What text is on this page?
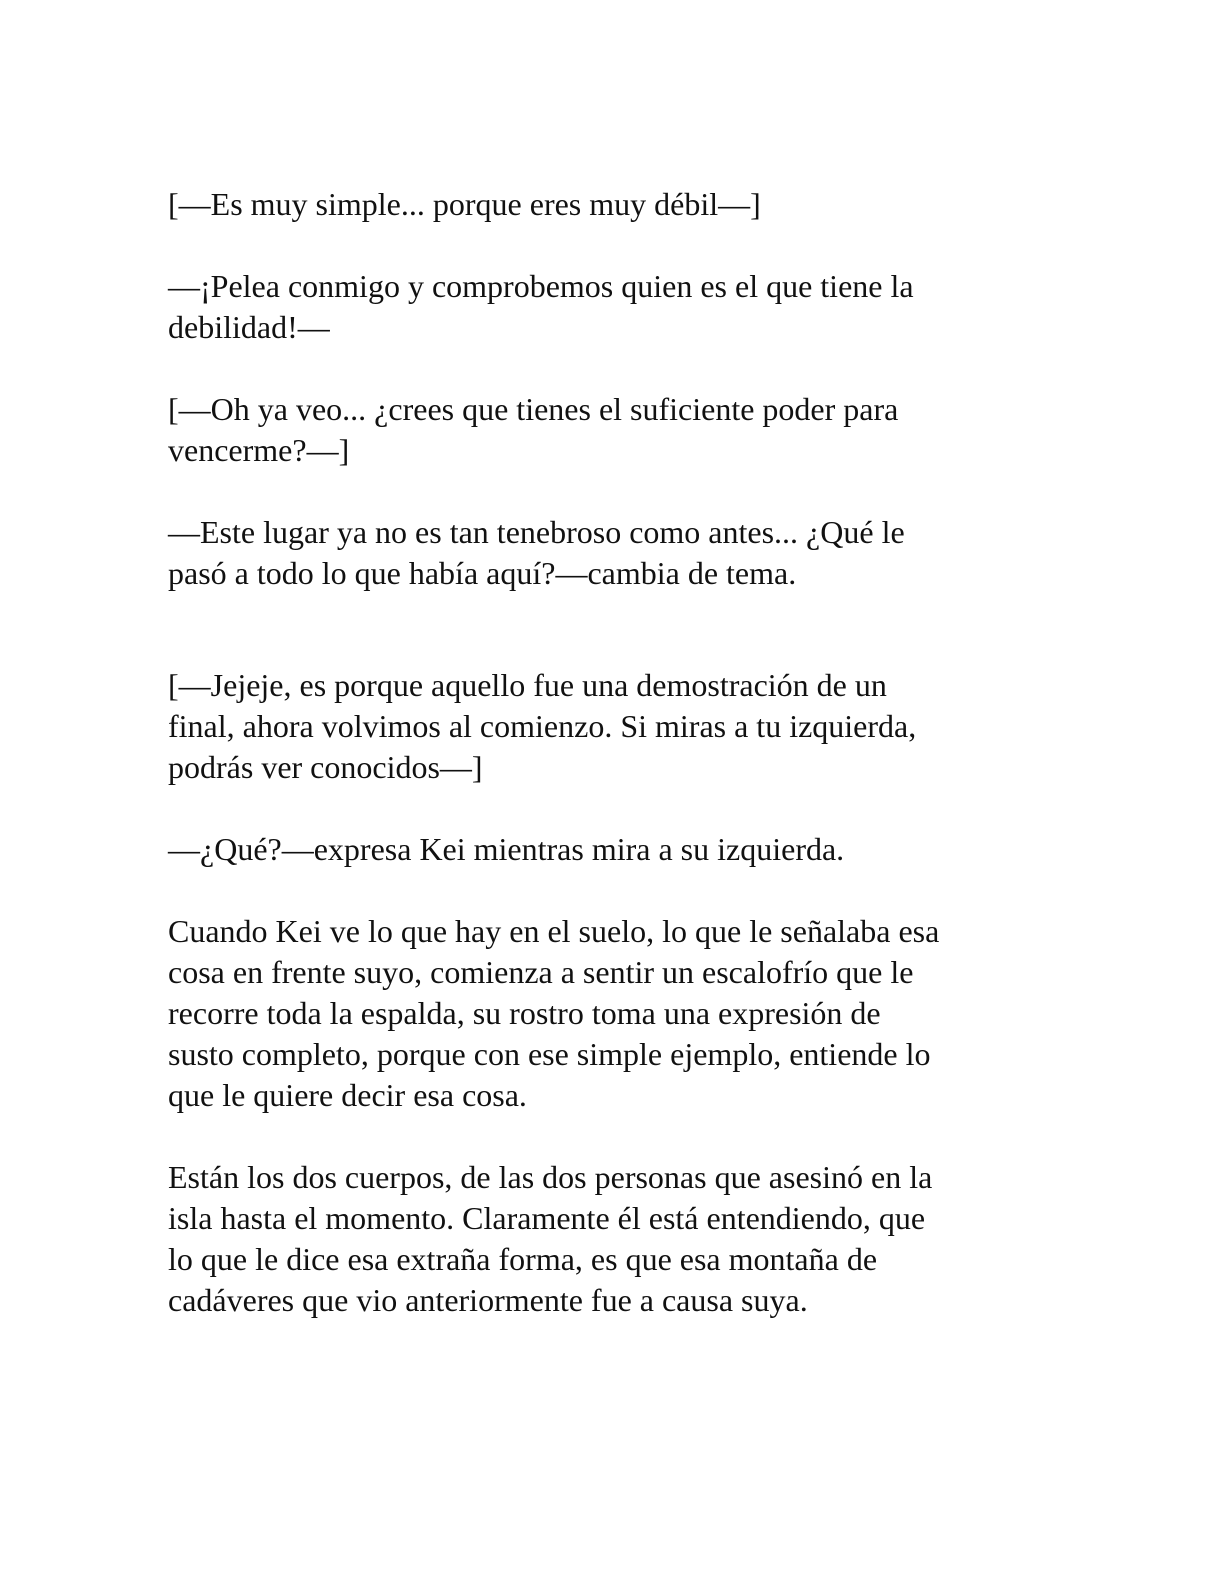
[—Es muy simple... porque eres muy débil—]

—¡Pelea conmigo y comprobemos quien es el que tiene la
debilidad!—

[—Oh ya veo... ¿crees que tienes el suficiente poder para
vencerme?—]

—Este lugar ya no es tan tenebroso como antes... ¿Qué le
pasó a todo lo que había aquí?—cambia de tema.

[—Jejeje, es porque aquello fue una demostración de un
final, ahora volvimos al comienzo. Si miras a tu izquierda,
podrás ver conocidos—]

—¿Qué?—expresa Kei mientras mira a su izquierda.

Cuando Kei ve lo que hay en el suelo, lo que le señalaba esa
cosa en frente suyo, comienza a sentir un escalofrío que le
recorre toda la espalda, su rostro toma una expresión de
susto completo, porque con ese simple ejemplo, entiende lo
que le quiere decir esa cosa.

Están los dos cuerpos, de las dos personas que asesinó en la
isla hasta el momento. Claramente él está entendiendo, que
lo que le dice esa extraña forma, es que esa montaña de
cadáveres que vio anteriormente fue a causa suya.
